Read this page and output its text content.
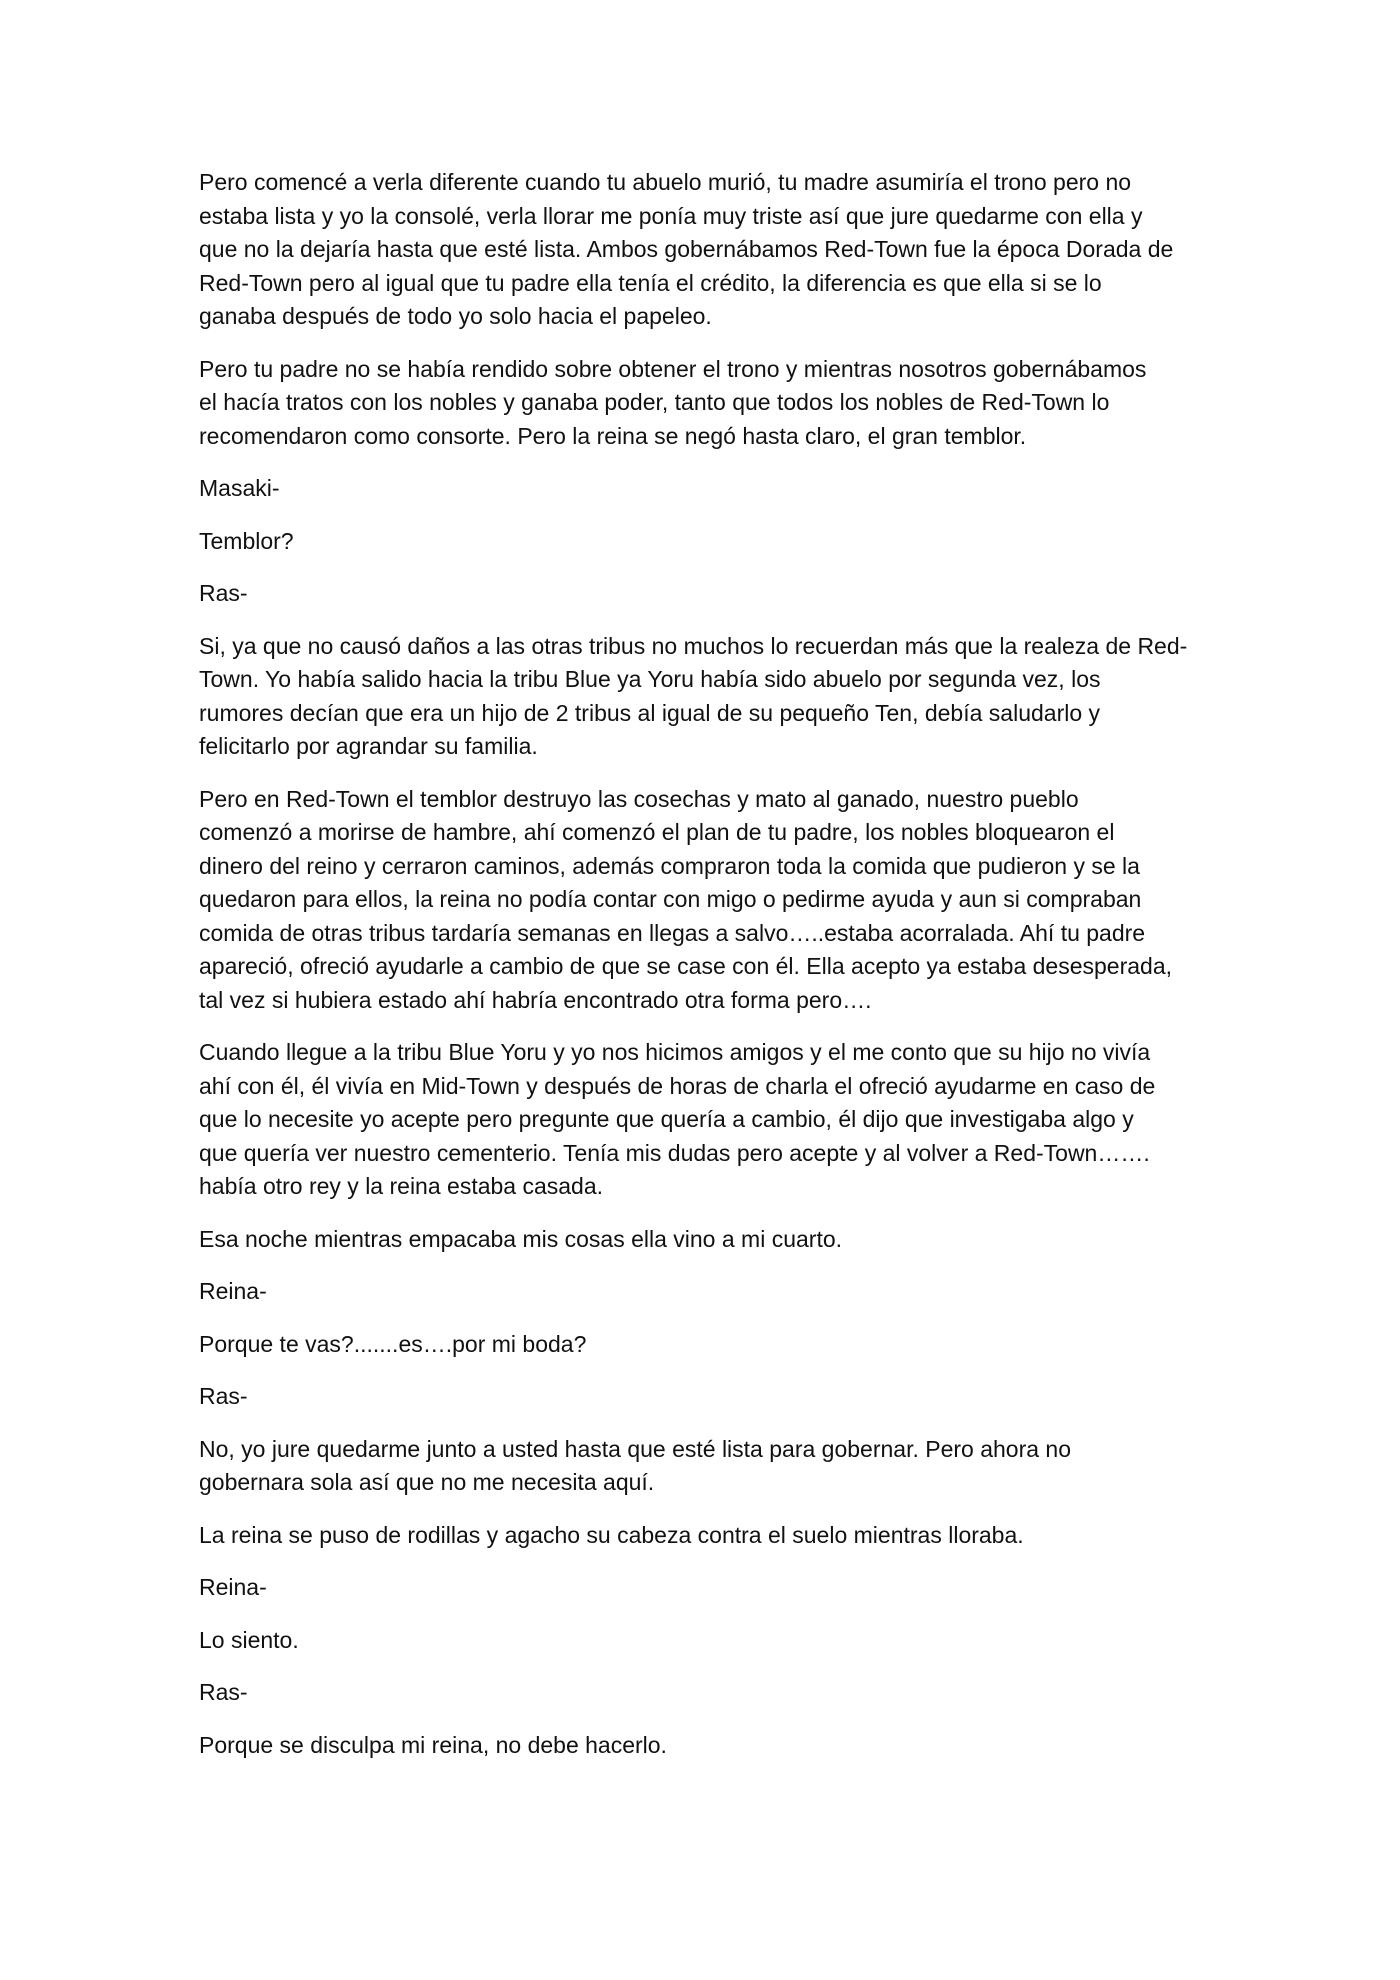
Pero comencé a verla diferente cuando tu abuelo murió, tu madre asumiría el trono pero no
estaba lista y yo la consolé, verla llorar me ponía muy triste así que jure quedarme con ella y
que no la dejaría hasta que esté lista. Ambos gobernábamos Red-Town fue la época Dorada de
Red-Town pero al igual que tu padre ella tenía el crédito, la diferencia es que ella si se lo
ganaba después de todo yo solo hacia el papeleo.

Pero tu padre no se había rendido sobre obtener el trono y mientras nosotros gobernábamos
el hacía tratos con los nobles y ganaba poder, tanto que todos los nobles de Red-Town lo
recomendaron como consorte. Pero la reina se negó hasta claro, el gran temblor.

Masaki-

Temblor?

Ras-

Si, ya que no causó daños a las otras tribus no muchos lo recuerdan más que la realeza de Red-
Town. Yo había salido hacia la tribu Blue ya Yoru había sido abuelo por segunda vez, los
rumores decían que era un hijo de 2 tribus al igual de su pequeño Ten, debía saludarlo y
felicitarlo por agrandar su familia.

Pero en Red-Town el temblor destruyo las cosechas y mato al ganado, nuestro pueblo
comenzó a morirse de hambre, ahí comenzó el plan de tu padre, los nobles bloquearon el
dinero del reino y cerraron caminos, además compraron toda la comida que pudieron y se la
quedaron para ellos, la reina no podía contar con migo o pedirme ayuda y aun si compraban
comida de otras tribus tardaría semanas en llegas a salvo…..estaba acorralada. Ahí tu padre
apareció, ofreció ayudarle a cambio de que se case con él. Ella acepto ya estaba desesperada,
tal vez si hubiera estado ahí habría encontrado otra forma pero….

Cuando llegue a la tribu Blue Yoru y yo nos hicimos amigos y el me conto que su hijo no vivía
ahí con él, él vivía en Mid-Town y después de horas de charla el ofreció ayudarme en caso de
que lo necesite yo acepte pero pregunte que quería a cambio, él dijo que investigaba algo y
que quería ver nuestro cementerio. Tenía mis dudas pero acepte y al volver a Red-Town…….
había otro rey y la reina estaba casada.

Esa noche mientras empacaba mis cosas ella vino a mi cuarto.

Reina-

Porque te vas?.......es….por mi boda?

Ras-

No, yo jure quedarme junto a usted hasta que esté lista para gobernar. Pero ahora no
gobernara sola así que no me necesita aquí.

La reina se puso de rodillas y agacho su cabeza contra el suelo mientras lloraba.

Reina-

Lo siento.

Ras-

Porque se disculpa mi reina, no debe hacerlo.
